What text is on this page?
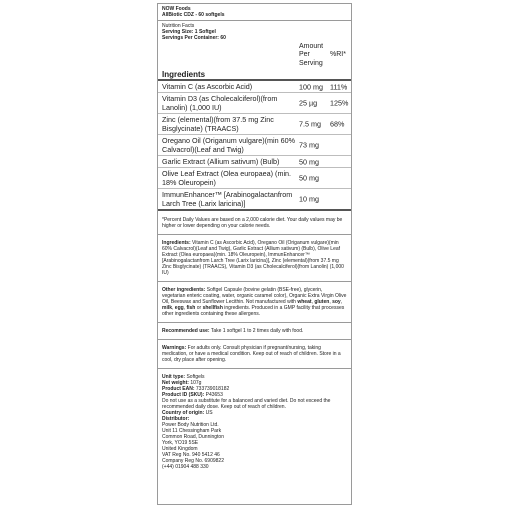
NOW Foods
AllBiotic CDZ - 60 softgels
Nutrition Facts
Serving Size: 1 Softgel
Servings Per Container: 60
Ingredients
Amount Per Serving
%RI*
Vitamin C (as Ascorbic Acid)	100 mg 111%
Vitamin D3 (as Cholecalciferol)(from Lanolin) (1,000 IU)	25 µg 125%
Zinc (elemental)(from 37.5 mg Zinc Bisglycinate) (TRAACS)	7.5 mg 68%
Oregano Oil (Origanum vulgare)(min 60% Calvacrol)(Leaf and Twig)	73 mg
Garlic Extract (Allium sativum) (Bulb)	50 mg
Olive Leaf Extract (Olea europaea) (min. 18% Oleuropein)	50 mg
ImmunEnhancer™ [Arabinogalactanfrom Larch Tree (Larix laricina)]	10 mg
*Percent Daily Values are based on a 2,000 calorie diet. Your daily values may be higher or lower depending on your calorie needs.
Ingredients: Vitamin C (as Ascorbic Acid), Oregano Oil (Origanum vulgare)(min 60% Calvacrol)(Leaf and Twig), Garlic Extract (Allium sativum) (Bulb), Olive Leaf Extract (Olea europaea)(min. 18% Oleuropein), ImmunEnhancer™ [Arabinogalactanfrom Larch Tree (Larix laricina)], Zinc (elemental)(from 37.5 mg Zinc Bisglycinate) (TRAACS), Vitamin D3 (as Cholecalciferol)(from Lanolin) (1,000 IU)
Other ingredients: Softgel Capsule (bovine gelatin (BSE-free), glycerin, vegetarian enteric coating, water, organic caramel color), Organic Extra Virgin Olive Oil, Beeswax and Sunflower Lecithin. Not manufactured with wheat, gluten, soy, milk, egg, fish or shellfish ingredients. Produced in a GMP facility that processes other ingredients containing these allergens.
Recommended use: Take 1 softgel 1 to 2 times daily with food.
Warnings: For adults only. Consult physician if pregnant/nursing, taking medication, or have a medical condition. Keep out of reach of children. Store in a cool, dry place after opening.
Unit type: Softgels
Net weight: 107g
Product EAN: 733739018182
Product ID (SKU): P43653
Do not use as a substitute for a balanced and varied diet. Do not exceed the recommended daily dose. Keep out of reach of children.
Country of origin: US
Distributor:
Power Body Nutrition Ltd.
Unit 11 Chessingham Park
Common Road, Dunnington
York, YO19 5SE
United Kingdom
VAT Reg No. 940 5412 46
Company Reg No. 6909822
(+44) 01904 488 330
